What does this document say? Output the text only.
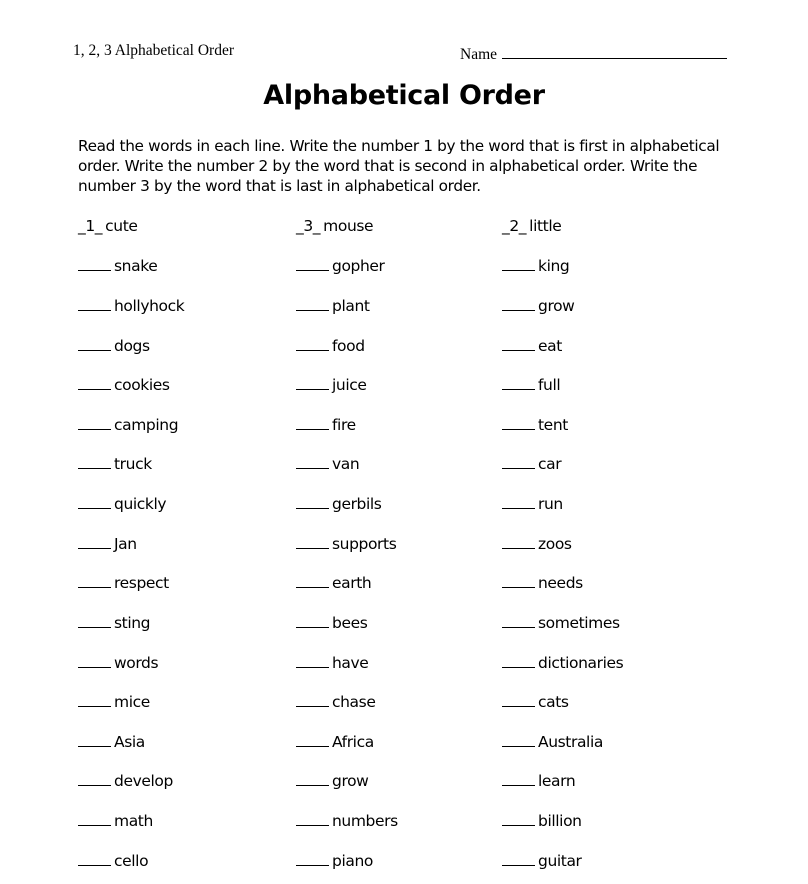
1, 2, 3 Alphabetical Order	Name
Alphabetical Order
Read the words in each line. Write the number 1 by the word that is first in alphabetical order. Write the number 2 by the word that is second in alphabetical order. Write the number 3 by the word that is last in alphabetical order.
_1_ cute	_3_ mouse	_2_ little
snake	gopher	king
hollyhock	plant	grow
dogs	food	eat
cookies	juice	full
camping	fire	tent
truck	van	car
quickly	gerbils	run
Jan	supports	zoos
respect	earth	needs
sting	bees	sometimes
words	have	dictionaries
mice	chase	cats
Asia	Africa	Australia
develop	grow	learn
math	numbers	billion
cello	piano	guitar
